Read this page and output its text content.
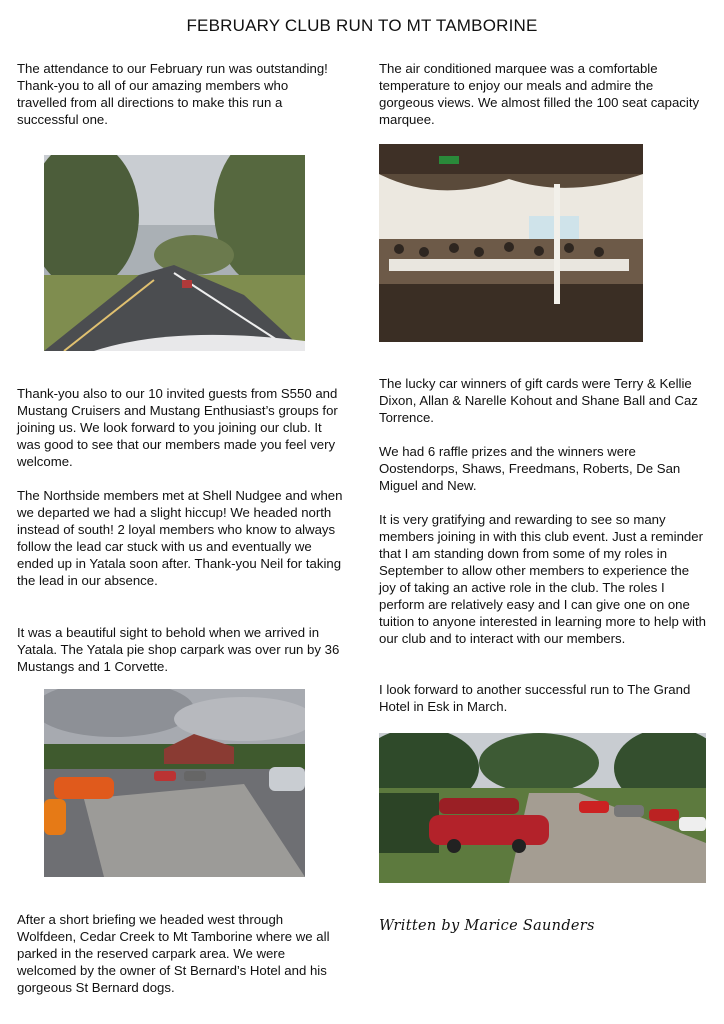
FEBRUARY CLUB RUN TO MT TAMBORINE

The attendance to our February run was outstanding! Thank-you to all of our amazing members who travelled from all directions to make this run a successful one.

Thank-you also to our 10 invited guests from S550 and Mustang Cruisers and Mustang Enthusiast’s groups for joining us. We look forward to you joining our club. It was good to see that our members made you feel very welcome.

The Northside members met at Shell Nudgee and when we departed we had a slight hiccup! We headed north instead of south! 2 loyal members who know to always follow the lead car stuck with us and eventually we ended up in Yatala soon after. Thank-you Neil for taking the lead in our absence.

It was a beautiful sight to behold when we arrived in Yatala. The Yatala pie shop carpark was over run by 36 Mustangs and 1 Corvette.

After a short briefing we headed west through Wolfdeen, Cedar Creek to Mt Tamborine where we all parked in the reserved carpark area. We were welcomed by the owner of St Bernard’s Hotel and his gorgeous St Bernard dogs.

The air conditioned marquee was a comfortable temperature to enjoy our meals and admire the gorgeous views. We almost filled the 100 seat capacity marquee.

The lucky car winners of gift cards were Terry & Kellie Dixon, Allan & Narelle Kohout and Shane Ball and Caz Torrence.

We had 6 raffle prizes and the winners were Oostendorps, Shaws, Freedmans, Roberts, De San Miguel and New.

It is very gratifying and rewarding to see so many members joining in with this club event. Just a reminder that I am standing down from some of my roles in September to allow other members to experience the joy of taking an active role in the club. The roles I perform are relatively easy and I can give one on one tuition to anyone interested in learning more to help with our club and to interact with our members.

I look forward to another successful run to The Grand Hotel in Esk in March.

Written by Marice Saunders
